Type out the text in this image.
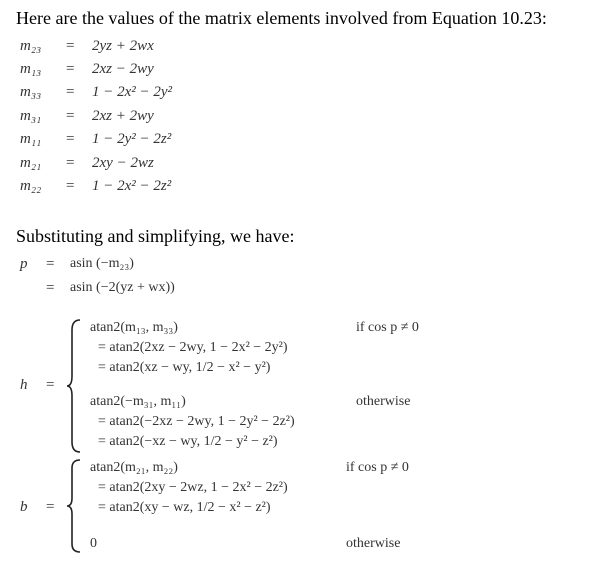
Here are the values of the matrix elements involved from Equation 10.23:
m₂₃ = 2yz + 2wx
m₁₃ = 2xz − 2wy
m₃₃ = 1 − 2x² − 2y²
m₃₁ = 2xz + 2wy
m₁₁ = 1 − 2y² − 2z²
m₂₁ = 2xy − 2wz
m₂₂ = 1 − 2x² − 2z²
Substituting and simplifying, we have:
p = asin (−m₂₃)
= asin (−2(yz + wx))
h =
atan2(m₁₃, m₃₃)
= atan2(2xz − 2wy, 1 − 2x² − 2y²)
= atan2(xz − wy, 1/2 − x² − y²)
if cos p ≠ 0
atan2(−m₃₁, m₁₁)
= atan2(−2xz − 2wy, 1 − 2y² − 2z²)
= atan2(−xz − wy, 1/2 − y² − z²)
otherwise
b =
atan2(m₂₁, m₂₂)
= atan2(2xy − 2wz, 1 − 2x² − 2z²)
= atan2(xy − wz, 1/2 − x² − z²)
if cos p ≠ 0
0	otherwise
